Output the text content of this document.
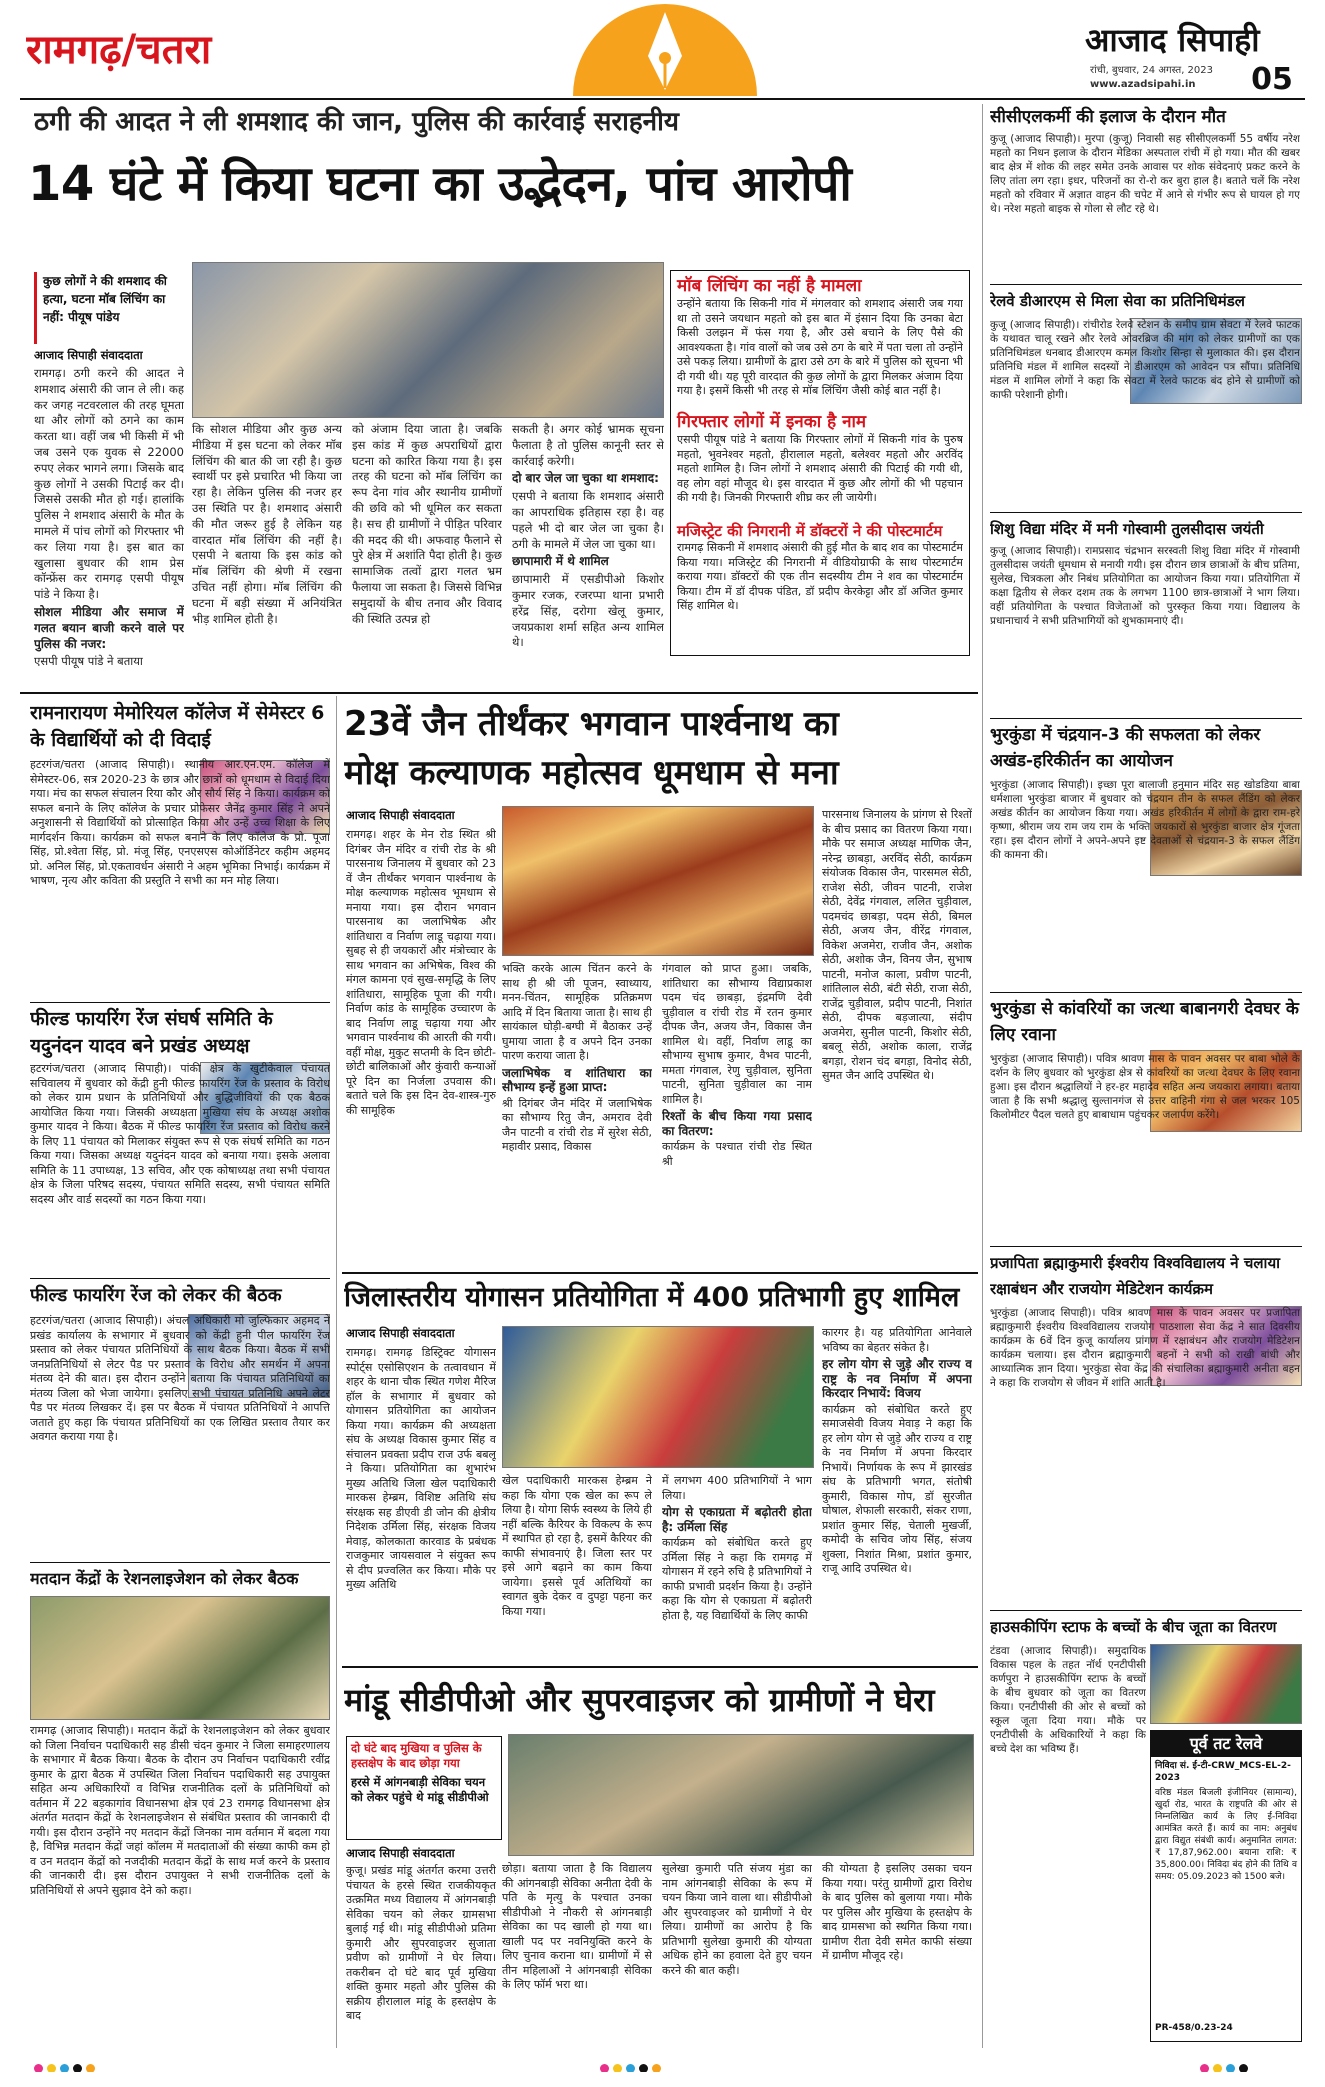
रामगढ़/चतरा	आजाद सिपाही
रांची, बुधवार, 24 अगस्त, 2023
www.azadsipahi.in	05
ठगी की आदत ने ली शमशाद की जान, पुलिस की कार्रवाई सराहनीय
14 घंटे में किया घटना का उद्भेदन, पांच आरोपी
कुछ लोगों ने की शमशाद की हत्या, घटना मॉब लिंचिंग का नहीं: पीयूष पांडेय
आजाद सिपाही संवाददाता

रामगढ़। ठगी करने की आदत ने शमशाद अंसारी की जान ले ली। कह कर जगह नटवरलाल की तरह घूमता था और लोगों को ठगने का काम करता था। वहीं जब भी किसी में भी जब उसने एक युवक से 22000 रुपए लेकर भागने लगा। जिसके बाद कुछ लोगों ने उसकी पिटाई कर दी। जिससे उसकी मौत हो गई। हालांकि पुलिस ने शमशाद अंसारी के मौत के मामले में पांच लोगों को गिरफ्तार भी कर लिया गया है। इस बात का खुलासा बुधवार की शाम प्रेस कॉन्फ्रेंस कर रामगढ़ एसपी पीयूष पांडे ने किया है।

सोशल मीडिया और समाज में गलत बयान बाजी करने वाले पर पुलिस की नजर:

एसपी पीयूष पांडे ने बताया

कि सोशल मीडिया और कुछ अन्य मीडिया में इस घटना को लेकर मॉब लिंचिंग की बात की जा रही है। कुछ स्वार्थी पर इसे प्रचारित भी किया जा रहा है। लेकिन पुलिस की नजर हर उस स्थिति पर है। शमशाद अंसारी की मौत जरूर हुई है लेकिन यह वारदात मॉब लिंचिंग की नहीं है। एसपी ने बताया कि इस कांड को मॉब लिंचिंग की श्रेणी में रखना उचित नहीं होगा। मॉब लिंचिंग की घटना में बड़ी संख्या में अनियंत्रित भीड़ शामिल होती है।
को अंजाम दिया जाता है। जबकि इस कांड में कुछ अपराधियों द्वारा घटना को कारित किया गया है। इस तरह की घटना को मॉब लिंचिंग का रूप देना गांव और स्थानीय ग्रामीणों की छवि को भी धूमिल कर सकता है। सच ही ग्रामीणों ने पीड़ित परिवार की मदद की थी। अफवाह फैलाने से पुरे क्षेत्र में अशांति पैदा होती है। कुछ सामाजिक तत्वों द्वारा गलत भ्रम फैलाया जा सकता है। जिससे विभिन्न समुदायों के बीच तनाव और विवाद की स्थिति उत्पन्न हो

सकती है। अगर कोई भ्रामक सूचना फैलाता है तो पुलिस कानूनी स्तर से कार्रवाई करेगी।

दो बार जेल जा चुका था शमशाद:

एसपी ने बताया कि शमशाद अंसारी का आपराधिक इतिहास रहा है। वह पहले भी दो बार जेल जा चुका है। ठगी के मामले में जेल जा चुका था।

छापामारी में थे शामिल

छापामारी में एसडीपीओ किशोर कुमार रजक, रजरप्पा थाना प्रभारी हरेंद्र सिंह, दरोगा खेलू कुमार, जयप्रकाश शर्मा सहित अन्य शामिल थे।

मॉब लिंचिंग का नहीं है मामला
उन्होंने बताया कि सिकनी गांव में मंगलवार को शमशाद अंसारी जब गया था तो उसने जयधान महतो को इस बात में इंसान दिया कि उनका बेटा किसी उलझन में फंस गया है, और उसे बचाने के लिए पैसे की आवश्यकता है। गांव वालों को जब उसे ठग के बारे में पता चला तो उन्होंने उसे पकड़ लिया। ग्रामीणों के द्वारा उसे ठग के बारे में पुलिस को सूचना भी दी गयी थी। यह पूरी वारदात की कुछ लोगों के द्वारा मिलकर अंजाम दिया गया है। इसमें किसी भी तरह से मॉब लिंचिंग जैसी कोई बात नहीं है।
गिरफ्तार लोगों में इनका है नाम
एसपी पीयूष पांडे ने बताया कि गिरफ्तार लोगों में सिकनी गांव के पुरुष महतो, भुवनेश्वर महतो, हीरालाल महतो, बलेश्वर महतो और अरविंद महतो शामिल है। जिन लोगों ने शमशाद अंसारी की पिटाई की गयी थी, वह लोग वहां मौजूद थे। इस वारदात में कुछ और लोगों की भी पहचान की गयी है। जिनकी गिरफ्तारी शीघ्र कर ली जायेगी।
मजिस्ट्रेट की निगरानी में डॉक्टरों ने की पोस्टमार्टम
रामगढ़ सिकनी में शमशाद अंसारी की हुई मौत के बाद शव का पोस्टमार्टम किया गया। मजिस्ट्रेट की निगरानी में वीडियोग्राफी के साथ पोस्टमार्टम कराया गया। डॉक्टरों की एक तीन सदस्यीय टीम ने शव का पोस्टमार्टम किया। टीम में डॉ दीपक पंडित, डॉ प्रदीप केरकेट्टा और डॉ अजित कुमार सिंह शामिल थे।
रामनारायण मेमोरियल कॉलेज में सेमेस्टर 6 के विद्यार्थियों को दी विदाई
हटरगंज/चतरा (आजाद सिपाही)। स्थानीय आर.एन.एम. कॉलेज में सेमेस्टर-06, सत्र 2020-23 के छात्र और छात्रों को धूमधाम से विदाई दिया गया। मंच का सफल संचालन रिया कौर और सौर्य सिंह ने किया। कार्यक्रम को सफल बनाने के लिए कॉलेज के प्रचार प्रोफेसर जैनेंद्र कुमार सिंह ने अपने अनुशासनी से विद्यार्थियों को प्रोत्साहित किया और उन्हें उच्च शिक्षा के लिए मार्गदर्शन किया। कार्यक्रम को सफल बनाने के लिए कॉलेज के प्रो. पूजा सिंह, प्रो.श्वेता सिंह, प्रो. मंजू सिंह, एनएसएस कोऑर्डिनेटर कहीम अहमद प्रो. अनिल सिंह, प्रो.एकतावर्धन अंसारी ने अहम भूमिका निभाई। कार्यक्रम में भाषण, नृत्य और कविता की प्रस्तुति ने सभी का मन मोह लिया।
फील्ड फायरिंग रेंज संघर्ष समिति के यदुनंदन यादव बने प्रखंड अध्यक्ष
हटरगंज/चतरा (आजाद सिपाही)। पांकी क्षेत्र के खुटीकेवाल पंचायत सचिवालय में बुधवार को केंद्री हुनी फील्ड फायरिंग रेंज के प्रस्ताव के विरोध को लेकर ग्राम प्रधान के प्रतिनिधियों और बुद्धिजीवियों की एक बैठक आयोजित किया गया। जिसकी अध्यक्षता मुखिया संघ के अध्यक्ष अशोक कुमार यादव ने किया। बैठक में फील्ड फायरिंग रेंज प्रस्ताव को विरोध करने के लिए 11 पंचायत को मिलाकर संयुक्त रूप से एक संघर्ष समिति का गठन किया गया। जिसका अध्यक्ष यदुनंदन यादव को बनाया गया। इसके अलावा समिति के 11 उपाध्यक्ष, 13 सचिव, और एक कोषाध्यक्ष तथा सभी पंचायत क्षेत्र के जिला परिषद सदस्य, पंचायत समिति सदस्य, सभी पंचायत समिति सदस्य और वार्ड सदस्यों का गठन किया गया।
फील्ड फायरिंग रेंज को लेकर की बैठक
हटरगंज/चतरा (आजाद सिपाही)। अंचल अधिकारी मो जुल्फिकार अहमद ने प्रखंड कार्यालय के सभागार में बुधवार को केंद्री हुनी पील फायरिंग रेंज प्रस्ताव को लेकर पंचायत प्रतिनिधियों के साथ बैठक किया। बैठक में सभी जनप्रतिनिधियों से लेटर पैड पर प्रस्ताव के विरोध और समर्थन में अपना मंतव्य देने की बात। इस दौरान उन्होंने बताया कि पंचायत प्रतिनिधियों का मंतव्य जिला को भेजा जायेगा। इसलिए सभी पंचायत प्रतिनिधि अपने लेटर पैड पर मंतव्य लिखकर दें। इस पर बैठक में पंचायत प्रतिनिधियों ने आपत्ति जताते हुए कहा कि पंचायत प्रतिनिधियों का एक लिखित प्रस्ताव तैयार कर अवगत कराया गया है।
मतदान केंद्रों के रेशनलाइजेशन को लेकर बैठक
रामगढ़ (आजाद सिपाही)। मतदान केंद्रों के रेशनलाइजेशन को लेकर बुधवार को जिला निर्वाचन पदाधिकारी सह डीसी चंदन कुमार ने जिला समाहरणालय के सभागार में बैठक किया। बैठक के दौरान उप निर्वाचन पदाधिकारी रवींद्र कुमार के द्वारा बैठक में उपस्थित जिला निर्वाचन पदाधिकारी सह उपायुक्त सहित अन्य अधिकारियों व विभिन्न राजनीतिक दलों के प्रतिनिधियों को वर्तमान में 22 बड़कागांव विधानसभा क्षेत्र एवं 23 रामगढ़ विधानसभा क्षेत्र अंतर्गत मतदान केंद्रों के रेशनलाइजेशन से संबंधित प्रस्ताव की जानकारी दी गयी। इस दौरान उन्होंने नए मतदान केंद्रों जिनका नाम वर्तमान में बदला गया है, विभिन्न मतदान केंद्रों जहां कॉलम में मतदाताओं की संख्या काफी कम हो व उन मतदान केंद्रों को नजदीकी मतदान केंद्रों के साथ मर्ज करने के प्रस्ताव की जानकारी दी। इस दौरान उपायुक्त ने सभी राजनीतिक दलों के प्रतिनिधियों से अपने सुझाव देने को कहा।
23वें जैन तीर्थंकर भगवान पार्श्वनाथ का
मोक्ष कल्याणक महोत्सव धूमधाम से मना
आजाद सिपाही संवाददाता
रामगढ़। शहर के मेन रोड स्थित श्री दिगंबर जैन मंदिर व रांची रोड के श्री पारसनाथ जिनालय में बुधवार को 23 वें जैन तीर्थंकर भगवान पार्श्वनाथ के मोक्ष कल्याणक महोत्सव भूमधाम से मनाया गया। इस दौरान भगवान पारसनाथ का जलाभिषेक और शांतिधारा व निर्वाण लाडू चढ़ाया गया। सुबह से ही जयकारों और मंत्रोच्चार के साथ भगवान का अभिषेक, विश्व की मंगल कामना एवं सुख-समृद्धि के लिए शांतिधारा, सामूहिक पूजा की गयी। निर्वाण कांड के सामूहिक उच्चारण के बाद निर्वाण लाडू चढ़ाया गया और भगवान पार्श्वनाथ की आरती की गयी। वहीं मोक्ष, मुकुट सप्तमी के दिन छोटी-छोटी बालिकाओं और कुंवारी कन्याओं पूरे दिन का निर्जला उपवास की। बताते चले कि इस दिन देव-शास्त्र-गुरु की सामूहिक

भक्ति करके आत्म चिंतन करने के साथ ही श्री जी पूजन, स्वाध्याय, मनन-चिंतन, सामूहिक प्रतिक्रमण आदि में दिन बिताया जाता है। साथ ही सायंकाल घोड़ी-बग्घी में बैठाकर उन्हें घुमाया जाता है व अपने दिन उनका पारण कराया जाता है।

जलाभिषेक व शांतिधारा का सौभाग्य इन्हें हुआ प्राप्त:

श्री दिगंबर जैन मंदिर में जलाभिषेक का सौभाग्य रितु जैन, अमराव देवी जैन पाटनी व रांची रोड में सुरेश सेठी, महावीर प्रसाद, विकास

गंगवाल को प्राप्त हुआ। जबकि, शांतिधारा का सौभाग्य विद्याप्रकाश पदम चंद छाबड़ा, इंद्रमणि देवी चुड़ीवाल व रांची रोड में रतन कुमार दीपक जैन, अजय जैन, विकास जैन शामिल थे। वहीं, निर्वाण लाडू का सौभाग्य सुभाष कुमार, वैभव पाटनी, ममता गंगवाल, रेणु चुड़ीवाल, सुनिता पाटनी, सुनिता चुड़ीवाल का नाम शामिल है।

रिश्तों के बीच किया गया प्रसाद का वितरण:

कार्यक्रम के पश्चात रांची रोड स्थित श्री

पारसनाथ जिनालय के प्रांगण से रिश्तों के बीच प्रसाद का वितरण किया गया। मौके पर समाज अध्यक्ष माणिक जैन, नरेन्द्र छाबड़ा, अरविंद सेठी, कार्यक्रम संयोजक विकास जैन, पारसमल सेठी, राजेश सेठी, जीवन पाटनी, राजेश सेठी, देवेंद्र गंगवाल, ललित चुड़ीवाल, पदमचंद छाबड़ा, पदम सेठी, बिमल सेठी, अजय जैन, वीरेंद्र गंगवाल, विकेश अजमेरा, राजीव जैन, अशोक सेठी, अशोक जैन, विनय जैन, सुभाष पाटनी, मनोज काला, प्रवीण पाटनी, शांतिलाल सेठी, बंटी सेठी, राजा सेठी, राजेंद्र चुड़ीवाल, प्रदीप पाटनी, निशांत सेठी, दीपक बड़जात्या, संदीप अजमेरा, सुनील पाटनी, किशोर सेठी, बबलू सेठी, अशोक काला, राजेंद्र बगड़ा, रोशन चंद बगड़ा, विनोद सेठी, सुमत जैन आदि उपस्थित थे।
जिलास्तरीय योगासन प्रतियोगिता में 400 प्रतिभागी हुए शामिल
आजाद सिपाही संवाददाता
रामगढ़। रामगढ़ डिस्ट्रिक्ट योगासन स्पोर्ट्स एसोसिएशन के तत्वावधान में शहर के थाना चौक स्थित गणेश मैरिज हॉल के सभागार में बुधवार को योगासन प्रतियोगिता का आयोजन किया गया। कार्यक्रम की अध्यक्षता संघ के अध्यक्ष विकास कुमार सिंह व संचालन प्रवक्ता प्रदीप राज उर्फ बबलू ने किया। प्रतियोगिता का शुभारंभ मुख्य अतिथि जिला खेल पदाधिकारी मारकस हेम्ब्रम, विशिष्ट अतिथि संघ संरक्षक सह डीएवी डी जोन की क्षेत्रीय निदेशक उर्मिला सिंह, संरक्षक विजय मेवाड़, कोलकाता कारवाड के प्रबंधक राजकुमार जायसवाल ने संयुक्त रूप से दीप प्रज्वलित कर किया। मौके पर मुख्य अतिथि
खेल पदाधिकारी मारकस हेम्ब्रम ने कहा कि योगा एक खेल का रूप ले लिया है। योगा सिर्फ स्वस्थ्य के लिये ही नहीं बल्कि कैरियर के विकल्प के रूप में स्थापित हो रहा है, इसमें कैरियर की काफी संभावनाएं है। जिला स्तर पर इसे आगे बढ़ाने का काम किया जायेगा। इससे पूर्व अतिथियों का स्वागत बुके देकर व दुपट्टा पहना कर किया गया।

में लगभग 400 प्रतिभागियों ने भाग लिया।

योग से एकाग्रता में बढ़ोतरी होता है: उर्मिला सिंह

कार्यक्रम को संबोधित करते हुए उर्मिला सिंह ने कहा कि रामगढ़ में योगासन में रहने रुचि है प्रतिभागियों ने काफी प्रभावी प्रदर्शन किया है। उन्होंने कहा कि योग से एकाग्रता में बढ़ोतरी होता है, यह विद्यार्थियों के लिए काफी

कारगर है। यह प्रतियोगिता आनेवाले भविष्य का बेहतर संकेत है।

हर लोग योग से जुड़े और राज्य व राष्ट्र के नव निर्माण में अपना किरदार निभायें: विजय

कार्यक्रम को संबोधित करते हुए समाजसेवी विजय मेवाड़ ने कहा कि हर लोग योग से जुड़े और राज्य व राष्ट्र के नव निर्माण में अपना किरदार निभायें। निर्णायक के रूप में झारखंड संघ के प्रतिभागी भगत, संतोषी कुमारी, विकास गोप, डॉ सुरजीत घोषाल, शेफाली सरकारी, संकर राणा, प्रशांत कुमार सिंह, चेताली मुखर्जी, कमोदी के सचिव जोय सिंह, संजय शुक्ला, निशांत मिश्रा, प्रशांत कुमार, राजू आदि उपस्थित थे।

मांडू सीडीपीओ और सुपरवाइजर को ग्रामीणों ने घेरा
दो घंटे बाद मुखिया व पुलिस के हस्तक्षेप के बाद छोड़ा गया
हरसे में आंगनबाड़ी सेविका चयन को लेकर पहुंचे थे मांडू सीडीपीओ
आजाद सिपाही संवाददाता
कुजू। प्रखंड मांडू अंतर्गत करमा उत्तरी पंचायत के हरसे स्थित राजकीयकृत उत्क्रमित मध्य विद्यालय में आंगनबाड़ी सेविका चयन को लेकर ग्रामसभा बुलाई गई थी। मांडू सीडीपीओ प्रतिमा कुमारी और सुपरवाइजर सुजाता प्रवीण को ग्रामीणों ने घेर लिया। तकरीबन दो घंटे बाद पूर्व मुखिया शक्ति कुमार महतो और पुलिस की सक्रीय हीरालाल मांडू के हस्तक्षेप के बाद
छोड़ा। बताया जाता है कि विद्यालय की आंगनबाड़ी सेविका अनीता देवी के पति के मृत्यु के पश्चात उनका सीडीपीओ ने नौकरी से आंगनबाड़ी सेविका का पद खाली हो गया था। खाली पद पर नवनियुक्ति करने के लिए चुनाव कराना था। ग्रामीणों में से तीन महिलाओं ने आंगनबाड़ी सेविका के लिए फॉर्म भरा था।
सुलेखा कुमारी पति संजय मुंडा का नाम आंगनबाड़ी सेविका के रूप में चयन किया जाने वाला था। सीडीपीओ और सुपरवाइजर को ग्रामीणों ने घेर लिया। ग्रामीणों का आरोप है कि प्रतिभागी सुलेखा कुमारी की योग्यता अधिक होने का हवाला देते हुए चयन करने की बात कही।
की योग्यता है इसलिए उसका चयन किया गया। परंतु ग्रामीणों द्वारा विरोध के बाद पुलिस को बुलाया गया। मौके पर पुलिस और मुखिया के हस्तक्षेप के बाद ग्रामसभा को स्थगित किया गया। ग्रामीण रीता देवी समेत काफी संख्या में ग्रामीण मौजूद रहे।
सीसीएलकर्मी की इलाज के दौरान मौत
कुजू (आजाद सिपाही)। मुरपा (कुजू) निवासी सह सीसीएलकर्मी 55 वर्षीय नरेश महतो का निधन इलाज के दौरान मेडिका अस्पताल रांची में हो गया। मौत की खबर बाद क्षेत्र में शोक की लहर समेत उनके आवास पर शोक संवेदनाएं प्रकट करने के लिए तांता लग रहा। इधर, परिजनों का रो-रो कर बुरा हाल है। बताते चलें कि नरेश महतो को रविवार में अज्ञात वाहन की चपेट में आने से गंभीर रूप से घायल हो गए थे। नरेश महतो बाइक से गोला से लौट रहे थे।
रेलवे डीआरएम से मिला सेवा का प्रतिनिधिमंडल
कुजू (आजाद सिपाही)। रांचीरोड रेलवे स्टेशन के समीप ग्राम सेवटा में रेलवे फाटक के यथावत चालू रखने और रेलवे ओवरब्रिज की मांग को लेकर ग्रामीणों का एक प्रतिनिधिमंडल धनबाद डीआरएम कमल किशोर सिन्हा से मुलाकात की। इस दौरान प्रतिनिधि मंडल में शामिल सदस्यों ने डीआरएम को आवेदन पत्र सौंपा। प्रतिनिधि मंडल में शामिल लोगों ने कहा कि सेवटा में रेलवे फाटक बंद होने से ग्रामीणों को काफी परेशानी होगी।
शिशु विद्या मंदिर में मनी गोस्वामी तुलसीदास जयंती
कुजू (आजाद सिपाही)। रामप्रसाद चंद्रभान सरस्वती शिशु विद्या मंदिर में गोस्वामी तुलसीदास जयंती धूमधाम से मनायी गयी। इस दौरान छात्र छात्राओं के बीच प्रतिमा, सुलेख, चित्रकला और निबंध प्रतियोगिता का आयोजन किया गया। प्रतियोगिता में कक्षा द्वितीय से लेकर दशम तक के लगभग 1100 छात्र-छात्राओं ने भाग लिया। वहीं प्रतियोगिता के पश्चात विजेताओं को पुरस्कृत किया गया। विद्यालय के प्रधानाचार्य ने सभी प्रतिभागियों को शुभकामनाएं दी।
भुरकुंडा में चंद्रयान-3 की सफलता को लेकर अखंड-हरिकीर्तन का आयोजन
भुरकुंडा (आजाद सिपाही)। इच्छा पूरा बालाजी हनुमान मंदिर सह खोडडिया बाबा धर्मशाला भुरकुंडा बाजार में बुधवार को चंद्रयान तीन के सफल लैंडिंग को लेकर अखंड कीर्तन का आयोजन किया गया। अखंड हरिकीर्तन में लोगों के द्वारा राम-हरे कृष्णा, श्रीराम जय राम जय राम के भक्ति जयकारों से भुरकुंडा बाजार क्षेत्र गूंजता रहा। इस दौरान लोगों ने अपने-अपने इष्ट देवताओं से चंद्रयान-3 के सफल लैंडिंग की कामना की।
भुरकुंडा से कांवरियों का जत्था बाबानगरी देवघर के लिए रवाना
भुरकुंडा (आजाद सिपाही)। पवित्र श्रावण मास के पावन अवसर पर बाबा भोले के दर्शन के लिए बुधवार को भुरकुंडा क्षेत्र से कांवरियों का जत्था देवघर के लिए रवाना हुआ। इस दौरान श्रद्धालियों ने हर-हर महादेव सहित अन्य जयकारा लगाया। बताया जाता है कि सभी श्रद्धालु सुल्तानगंज से उत्तर वाहिनी गंगा से जल भरकर 105 किलोमीटर पैदल चलते हुए बाबाधाम पहुंचकर जलार्पण करेंगे।
प्रजापिता ब्रह्माकुमारी ईश्वरीय विश्वविद्यालय ने चलाया रक्षाबंधन और राजयोग मेडिटेशन कार्यक्रम
भुरकुंडा (आजाद सिपाही)। पवित्र श्रावण मास के पावन अवसर पर प्रजापिता ब्रह्माकुमारी ईश्वरीय विश्वविद्यालय राजयोग पाठशाला सेवा केंद्र ने सात दिवसीय कार्यक्रम के 6वें दिन कुजू कार्यालय प्रांगण में रक्षाबंधन और राजयोग मेडिटेशन कार्यक्रम चलाया। इस दौरान ब्रह्माकुमारी बहनों ने सभी को राखी बांधी और आध्यात्मिक ज्ञान दिया। भुरकुंडा सेवा केंद्र की संचालिका ब्रह्माकुमारी अनीता बहन ने कहा कि राजयोग से जीवन में शांति आती है।
हाउसकीपिंग स्टाफ के बच्चों के बीच जूता का वितरण
टंडवा (आजाद सिपाही)। समुदायिक विकास पहल के तहत नॉर्थ एनटीपीसी कर्णपुरा ने हाउसकीपिंग स्टाफ के बच्चों के बीच बुधवार को जूता का वितरण किया। एनटीपीसी की ओर से बच्चों को स्कूल जूता दिया गया। मौके पर एनटीपीसी के अधिकारियों ने कहा कि बच्चे देश का भविष्य हैं।	पूर्व तट रेलवे
निविदा सं. ई-टी-CRW_MCS-EL-2-2023
वरिष्ठ मंडल बिजली इंजीनियर (सामान्य), खुर्दा रोड, भारत के राष्ट्रपति की ओर से निम्नलिखित कार्य के लिए ई-निविदा आमंत्रित करते हैं। कार्य का नाम: अनुबंध द्वारा विद्युत संबंधी कार्य। अनुमानित लागत: ₹ 17,87,962.00। बयाना राशि: ₹ 35,800.00। निविदा बंद होने की तिथि व समय: 05.09.2023 को 1500 बजे।
PR-458/0.23-24
